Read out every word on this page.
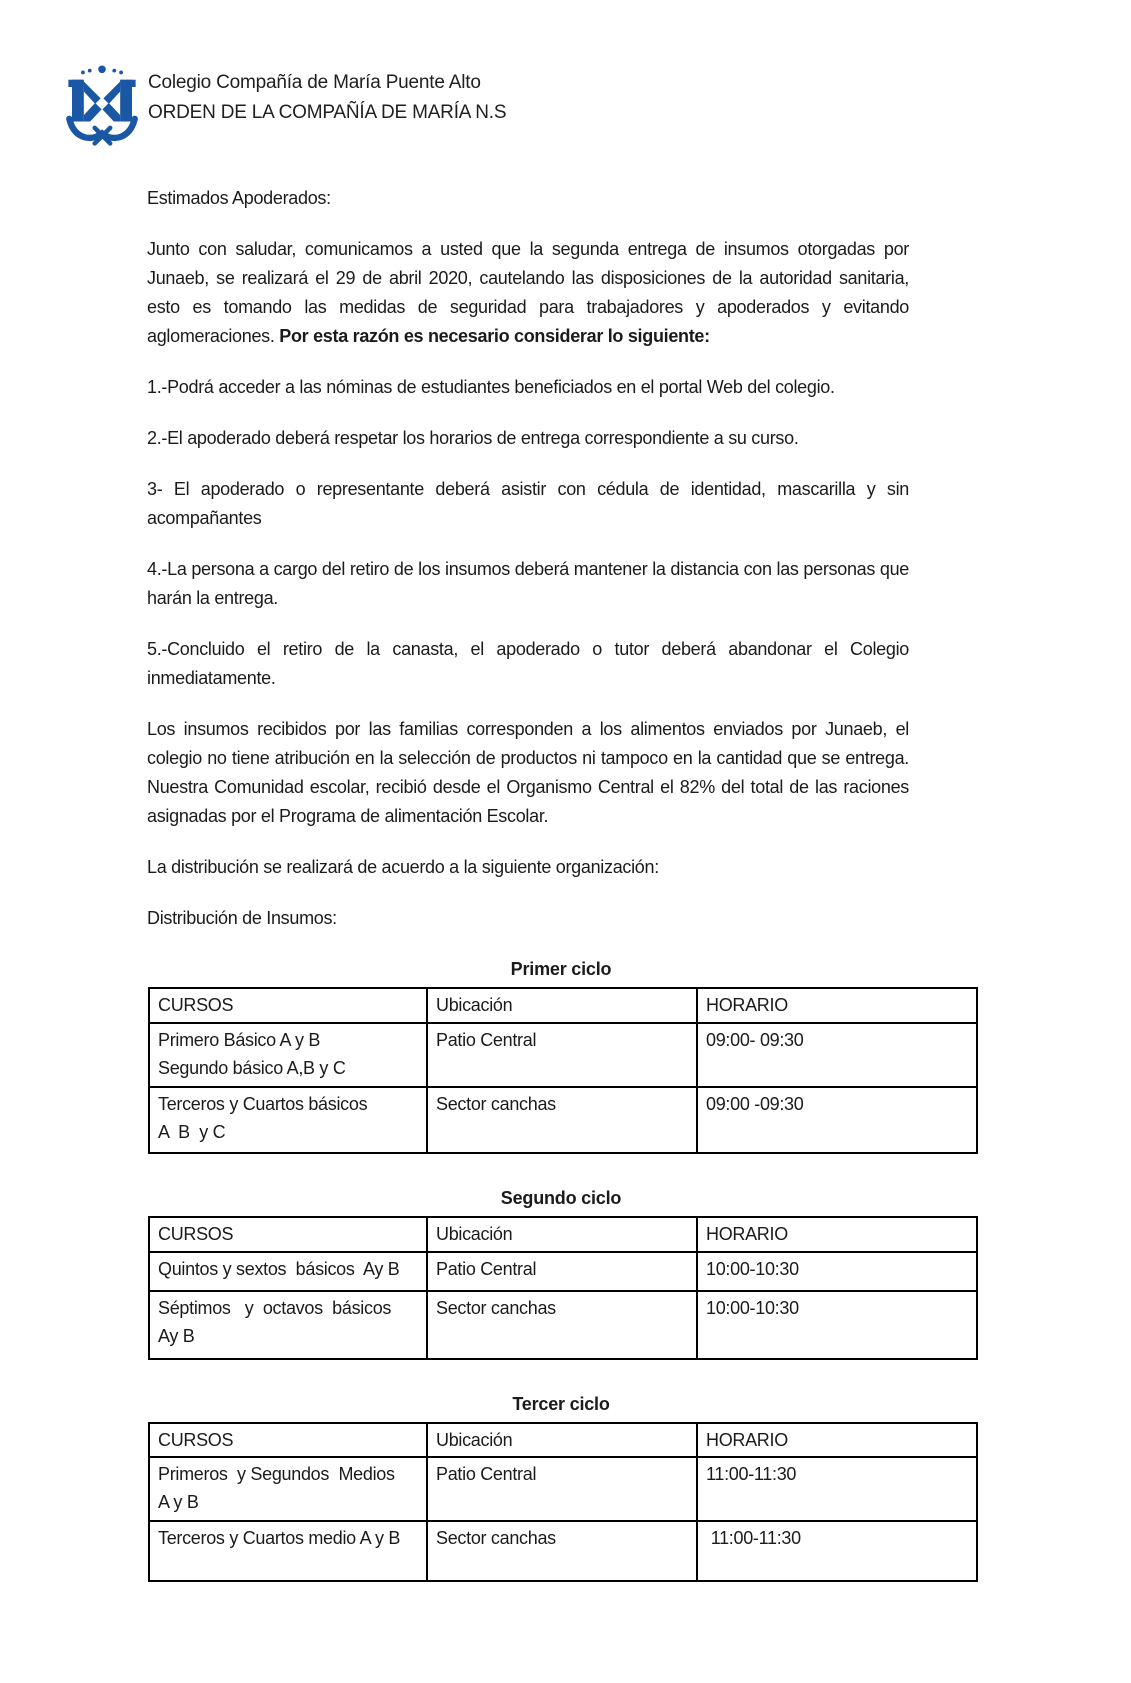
Colegio Compañía de María Puente Alto
ORDEN DE LA COMPAÑÍA DE MARÍA N.S

Estimados Apoderados:

Junto con saludar, comunicamos a usted que la segunda entrega de insumos otorgadas por Junaeb, se realizará el 29 de abril 2020, cautelando las disposiciones de la autoridad sanitaria, esto es tomando las medidas de seguridad para trabajadores y apoderados y evitando aglomeraciones. Por esta razón es necesario considerar lo siguiente:

1.-Podrá acceder a las nóminas de estudiantes beneficiados en el portal Web del colegio.

2.-El apoderado deberá respetar los horarios de entrega correspondiente a su curso.

3- El apoderado o representante deberá asistir con cédula de identidad, mascarilla y sin acompañantes

4.-La persona a cargo del retiro de los insumos deberá mantener la distancia con las personas que harán la entrega.

5.-Concluido el retiro de la canasta, el apoderado o tutor deberá abandonar el Colegio inmediatamente.

Los insumos recibidos por las familias corresponden a los alimentos enviados por Junaeb, el colegio no tiene atribución en la selección de productos ni tampoco en la cantidad que se entrega. Nuestra Comunidad escolar, recibió desde el Organismo Central el 82% del total de las raciones asignadas por el Programa de alimentación Escolar.

La distribución se realizará de acuerdo a la siguiente organización:

Distribución de Insumos:

Primer ciclo
CURSOS	Ubicación	HORARIO

Primero Básico A y B
Segundo básico A,B y C	Patio Central	09:00- 09:30

Terceros y Cuartos básicos
A  B  y C	Sector canchas	09:00 -09:30
Segundo ciclo
CURSOS	Ubicación	HORARIO

Quintos y sextos  básicos  Ay B	Patio Central	10:00-10:30

Séptimos   y  octavos  básicos
Ay B	Sector canchas	10:00-10:30
Tercer ciclo
CURSOS	Ubicación	HORARIO

Primeros  y Segundos  Medios
A y B	Patio Central	11:00-11:30

Terceros y Cuartos medio A y B	Sector canchas	11:00-11:30
